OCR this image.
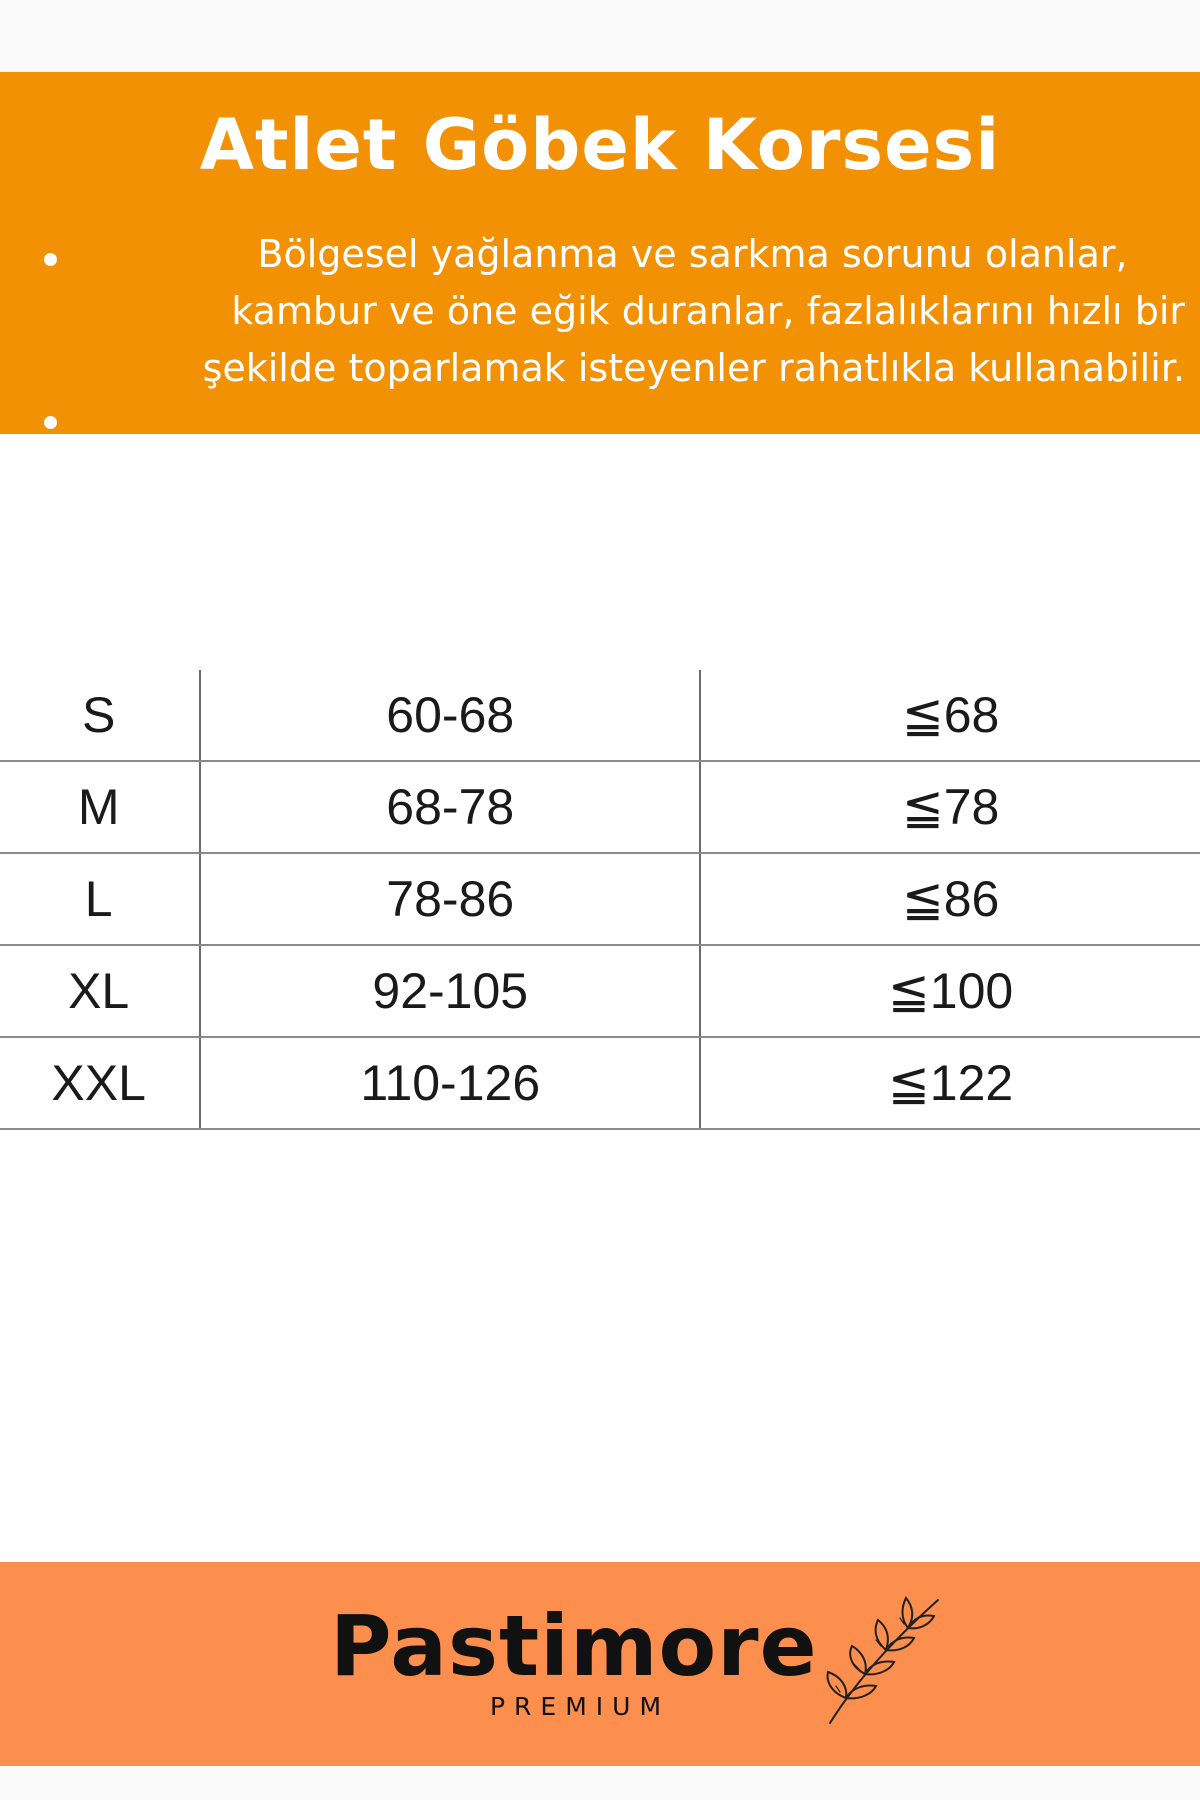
Atlet Göbek Korsesi
Bölgesel yağlanma ve sarkma sorunu olanlar,
kambur ve öne eğik duranlar, fazlalıklarını hızlı bir
şekilde toparlamak isteyenler rahatlıkla kullanabilir.
S	60-68	≦68
M	68-78	≦78
L	78-86	≦86
XL	92-105	≦100
XXL	110-126	≦122
Pastimore
PREMIUM
